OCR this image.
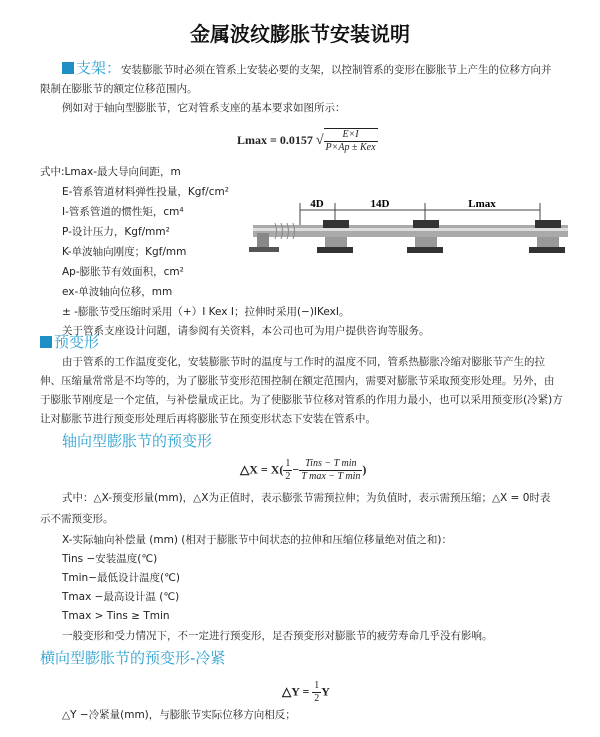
金属波纹膨胀节安装说明
支架：安装膨胀节时必须在管系上安装必要的支架，以控制管系的变形在膨胀节上产生的位移方向并
限制在膨胀节的额定位移范围内。
例如对于轴向型膨胀节，它对管系支座的基本要求如图所示：
Lmax = 0.0157 √ $\frac{E\times I}{\text{P×Ap ± Kex}}$
式中:Lmax-最大导向间距，m
E-管系管道材料弹性投量，Kgf/cm²
I-管系管道的惯性矩，cm⁴
P-设计压力，Kgf/mm²
K-单波轴向刚度；Kgf/mm
Ap-膨胀节有效面积，cm²
ex-单波轴向位移，mm
± -膨胀节受压缩时采用（+）I Kex I；拉伸时采用(−)IKexI。
关于管系支座设计问题，请参阅有关资料，本公司也可为用户提供咨询等服务。
4D	14D	Lmax
预变形
由于管系的工作温度变化，安装膨胀节时的温度与工作时的温度不同，管系热膨胀冷缩对膨胀节产生的拉
伸、压缩量常常是不均等的，为了膨胀节变形范围控制在额定范围内，需要对膨胀节采取预变形处理。另外，由
于膨胀节刚度是一个定值，与补偿量成正比。为了使膨胀节位移对管系的作用力最小，也可以采用预变形(冷紧)方
让对膨胀节进行预变形处理后再将膨胀节在预变形状态下安装在管系中。
轴向型膨胀节的预变形
△X = $X( \frac{1}{2} - \frac{\text{Tins − T min}}{\text{T max − T min}}$ )
式中：△X-预变形量(mm)，△X为正值时，表示膨张节需预拉伸；为负值时，表示需预压缩；△X = 0时表
示不需预变形。
X-实际轴向补偿量 (mm) (相对于膨胀节中间状态的拉伸和压缩位移量绝对值之和)：
Tins −安装温度(℃)
Tmin−最低设计温度(℃)
Tmax −最高设计温 (℃)
Tmax > Tins ≥ Tmin
一般变形和受力情况下，不一定进行预变形，足否预变形对膨胀节的疲劳寿命几乎没有影响。
横向型膨胀节的预变形-冷紧
△Y = $\frac{1}{2}$ Y
△Y −冷紧量(mm)，与膨胀节实际位移方向相反；
